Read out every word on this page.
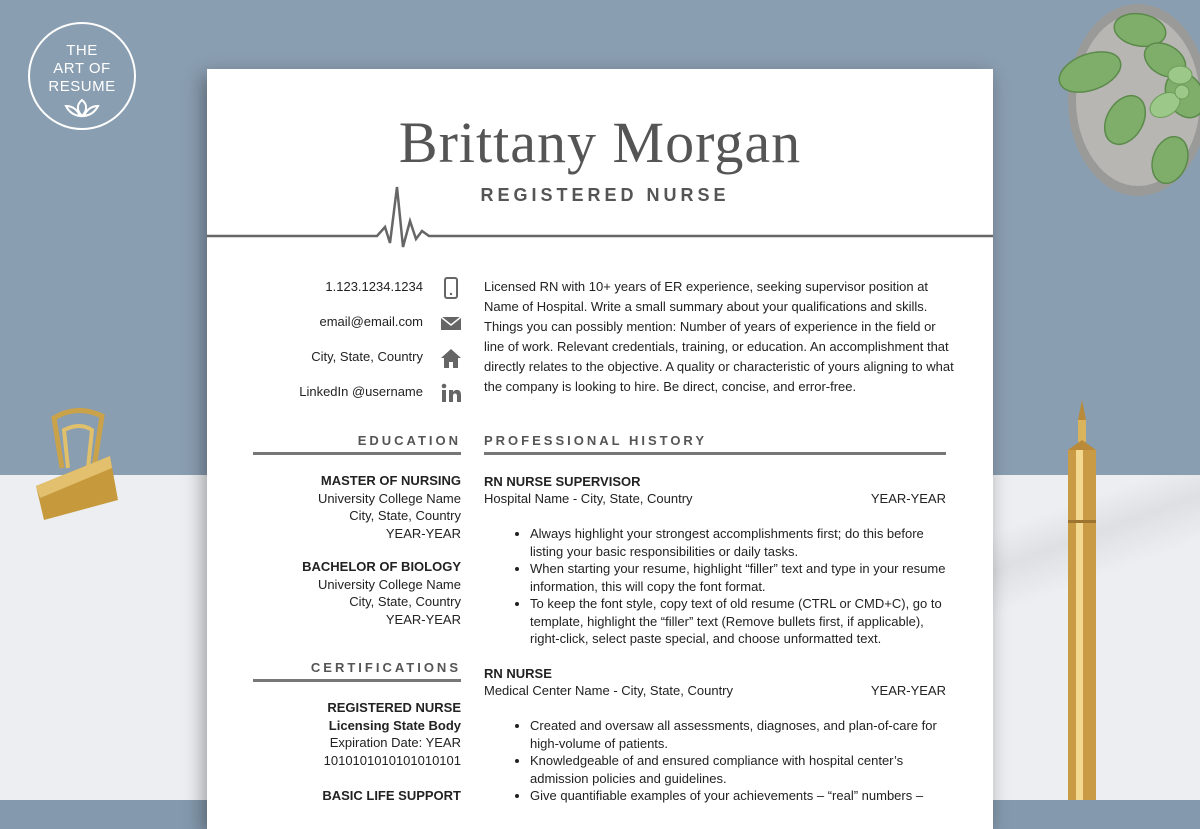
THE
ART OF
RESUME
Brittany Morgan
REGISTERED NURSE
1.123.1234.1234
email@email.com
City, State, Country
LinkedIn @username
Licensed RN with 10+ years of ER experience, seeking supervisor position at Name of Hospital. Write a small summary about your qualifications and skills. Things you can possibly mention: Number of years of experience in the field or line of work. Relevant credentials, training, or education. An accomplishment that directly relates to the objective. A quality or characteristic of yours aligning to what the company is looking to hire. Be direct, concise, and error-free.
EDUCATION
MASTER OF NURSING
University College Name
City, State, Country
YEAR-YEAR
BACHELOR OF BIOLOGY
University College Name
City, State, Country
YEAR-YEAR
CERTIFICATIONS
REGISTERED NURSE
Licensing State Body
Expiration Date: YEAR
1010101010101010101
BASIC LIFE SUPPORT
PROFESSIONAL HISTORY
RN NURSE SUPERVISOR
Hospital Name - City, State, Country	YEAR-YEAR
• Always highlight your strongest accomplishments first; do this before listing your basic responsibilities or daily tasks.
• When starting your resume, highlight “filler” text and type in your resume information, this will copy the font format.
• To keep the font style, copy text of old resume (CTRL or CMD+C), go to template, highlight the “filler” text (Remove bullets first, if applicable), right-click, select paste special, and choose unformatted text.
RN NURSE
Medical Center Name - City, State, Country	YEAR-YEAR
• Created and oversaw all assessments, diagnoses, and plan-of-care for high-volume of patients.
• Knowledgeable of and ensured compliance with hospital center’s admission policies and guidelines.
• Give quantifiable examples of your achievements – “real” numbers –
